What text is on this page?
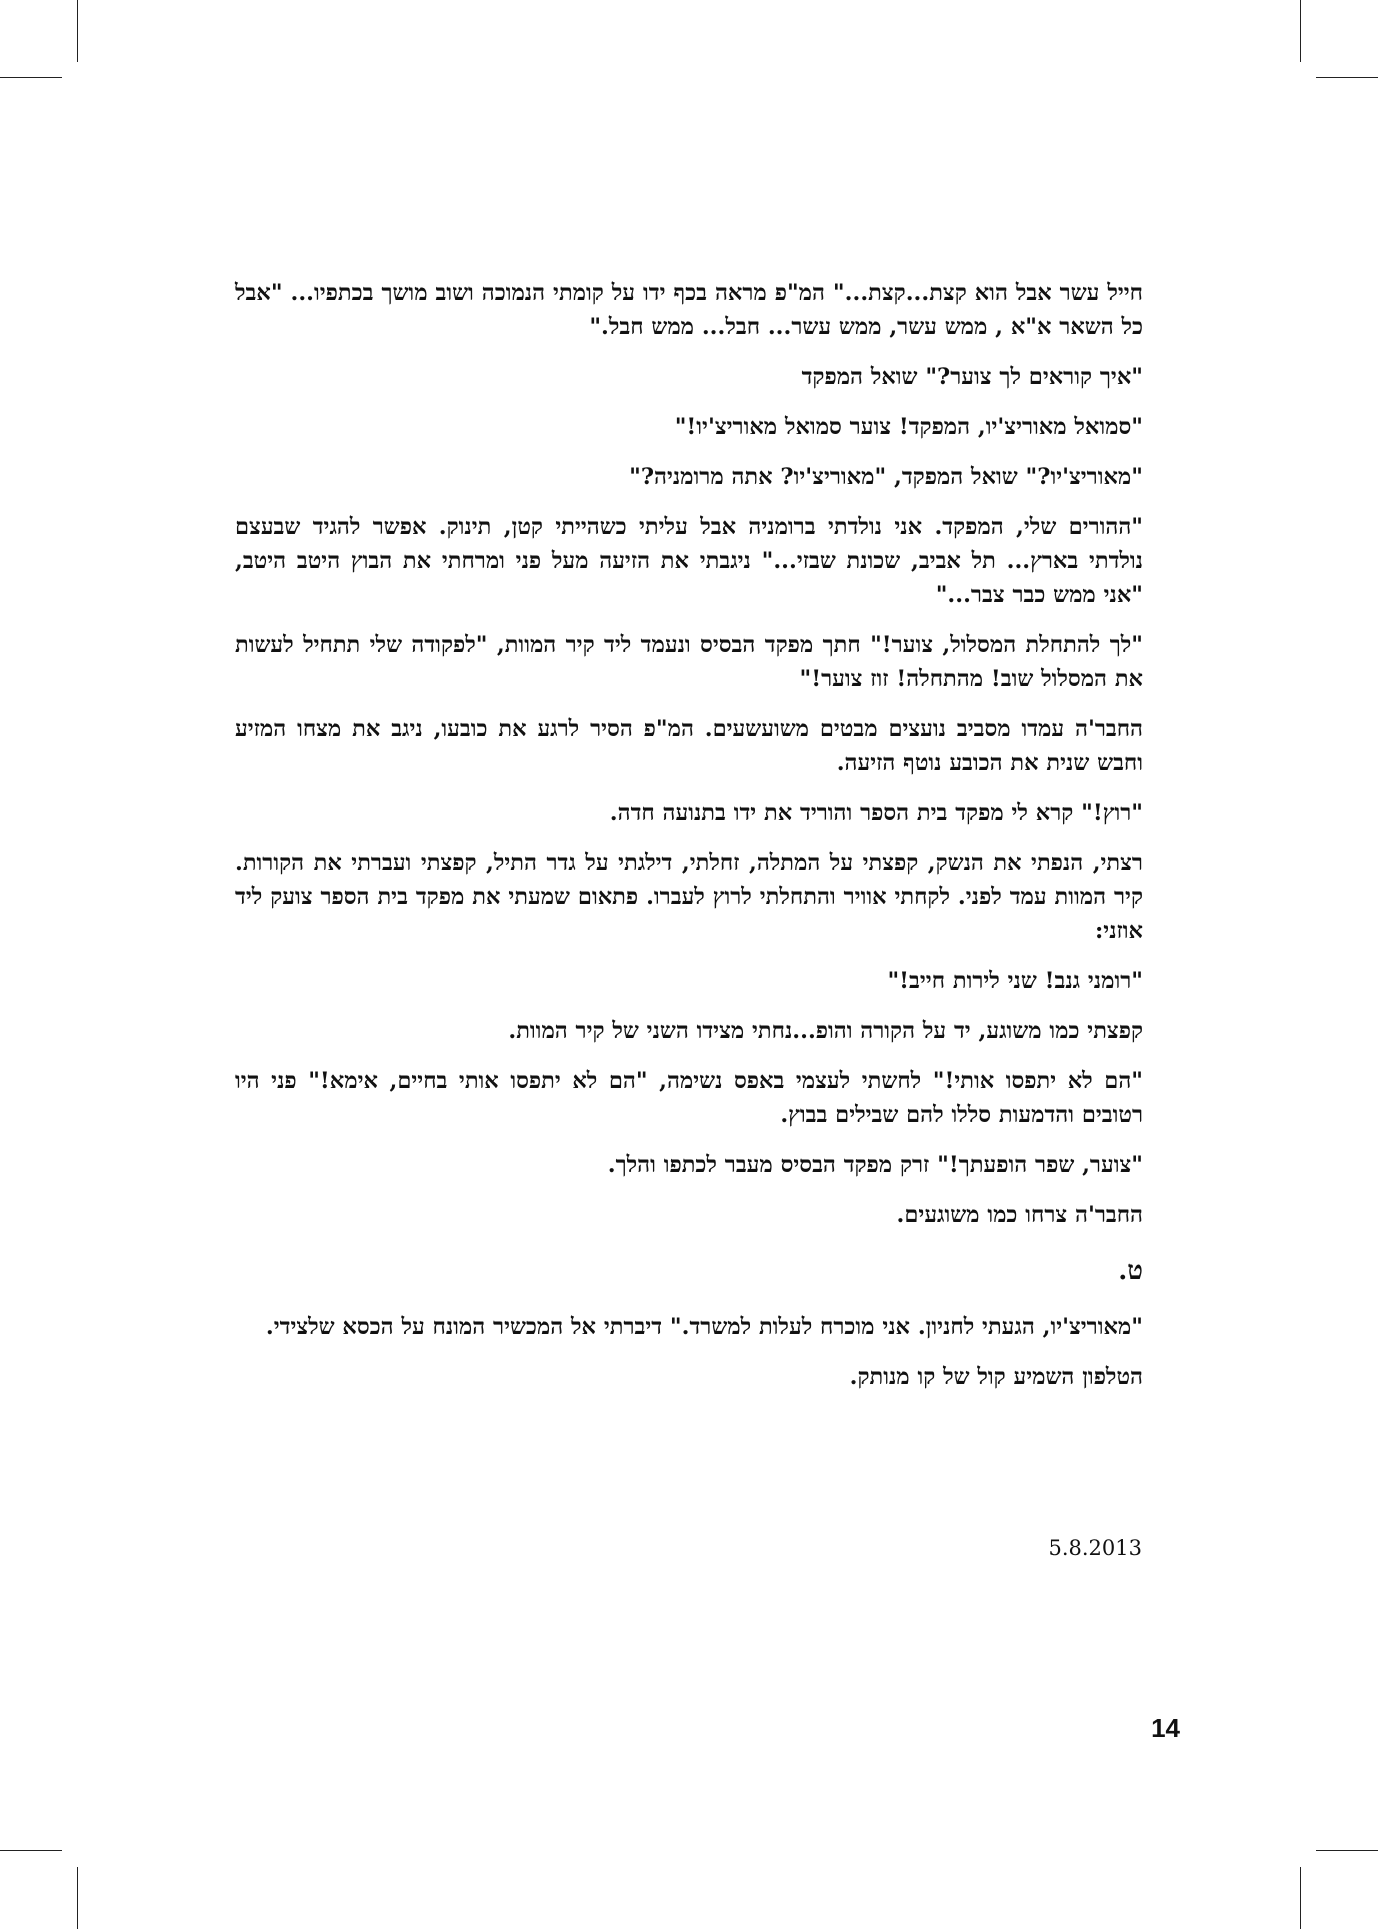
חייל עשר אבל הוא קצת...קצת..." המ"פ מראה בכף ידו על קומתי הנמוכה ושוב מושך בכתפיו... "אבל כל השאר א"א , ממש עשר, ממש עשר... חבל... ממש חבל."

"איך קוראים לך צוער?" שואל המפקד

"סמואל מאוריצ'יו, המפקד! צוער סמואל מאוריצ'יו!"

"מאוריצ'יו?" שואל המפקד, "מאוריצ'יו? אתה מרומניה?"

"ההורים שלי, המפקד. אני נולדתי ברומניה אבל עליתי כשהייתי קטן, תינוק. אפשר להגיד שבעצם נולדתי בארץ... תל אביב, שכונת שבזי..." ניגבתי את הזיעה מעל פני ומרחתי את הבוץ היטב היטב, "אני ממש כבר צבר..."

"לך להתחלת המסלול, צוער!" חתך מפקד הבסיס ונעמד ליד קיר המוות, "לפקודה שלי תתחיל לעשות את המסלול שוב! מהתחלה! זוז צוער!"

החבר'ה עמדו מסביב נועצים מבטים משועשעים. המ"פ הסיר לרגע את כובעו, ניגב את מצחו המזיע וחבש שנית את הכובע נוטף הזיעה.

"רוץ!" קרא לי מפקד בית הספר והוריד את ידו בתנועה חדה.

רצתי, הנפתי את הנשק, קפצתי על המתלה, זחלתי, דילגתי על גדר התיל, קפצתי ועברתי את הקורות. קיר המוות עמד לפני. לקחתי אוויר והתחלתי לרוץ לעברו. פתאום שמעתי את מפקד בית הספר צועק ליד אוזני:

"רומני גנב! שני לירות חייב!"

קפצתי כמו משוגע, יד על הקורה והופ...נחתי מצידו השני של קיר המוות.

"הם לא יתפסו אותי!" לחשתי לעצמי באפס נשימה, "הם לא יתפסו אותי בחיים, אימא!" פני היו רטובים והדמעות סללו להם שבילים בבוץ.

"צוער, שפר הופעתך!" זרק מפקד הבסיס מעבר לכתפו והלך.

החבר'ה צרחו כמו משוגעים.

ט.

"מאוריצ'יו, הגעתי לחניון. אני מוכרח לעלות למשרד." דיברתי אל המכשיר המונח על הכסא שלצידי.

הטלפון השמיע קול של קו מנותק.

5.8.2013
14
